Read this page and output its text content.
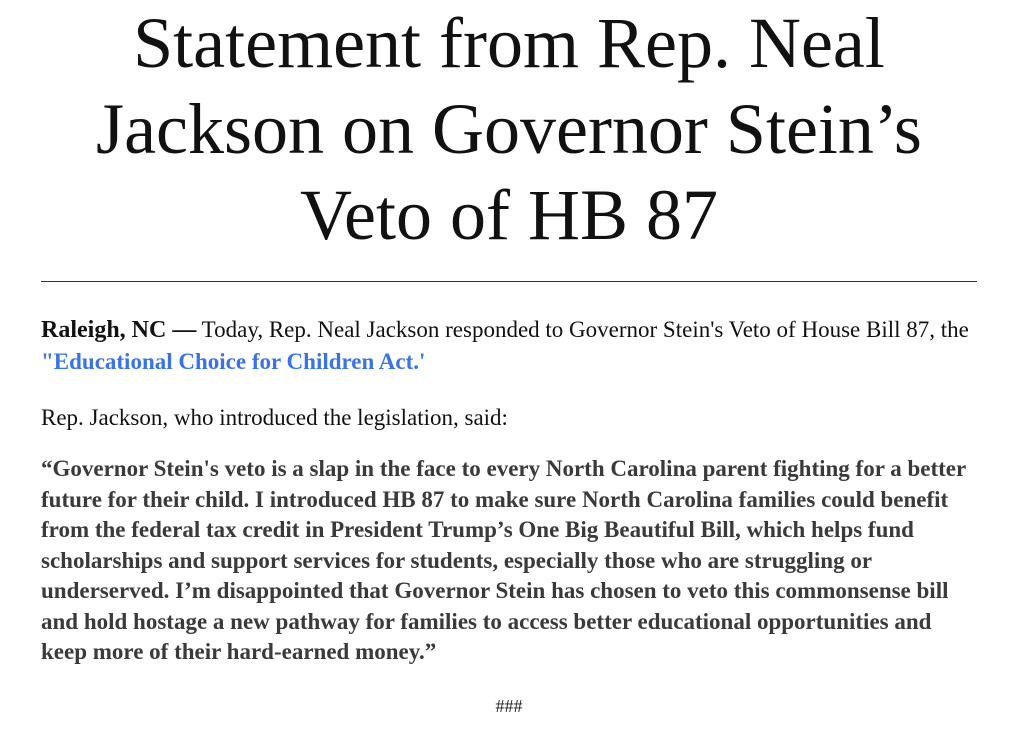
Statement from Rep. Neal Jackson on Governor Stein’s Veto of HB 87

Raleigh, NC — Today, Rep. Neal Jackson responded to Governor Stein's Veto of House Bill 87, the "Educational Choice for Children Act.'

Rep. Jackson, who introduced the legislation, said:

“Governor Stein's veto is a slap in the face to every North Carolina parent fighting for a better future for their child. I introduced HB 87 to make sure North Carolina families could benefit from the federal tax credit in President Trump’s One Big Beautiful Bill, which helps fund scholarships and support services for students, especially those who are struggling or underserved. I’m disappointed that Governor Stein has chosen to veto this commonsense bill and hold hostage a new pathway for families to access better educational opportunities and keep more of their hard-earned money.”

###
